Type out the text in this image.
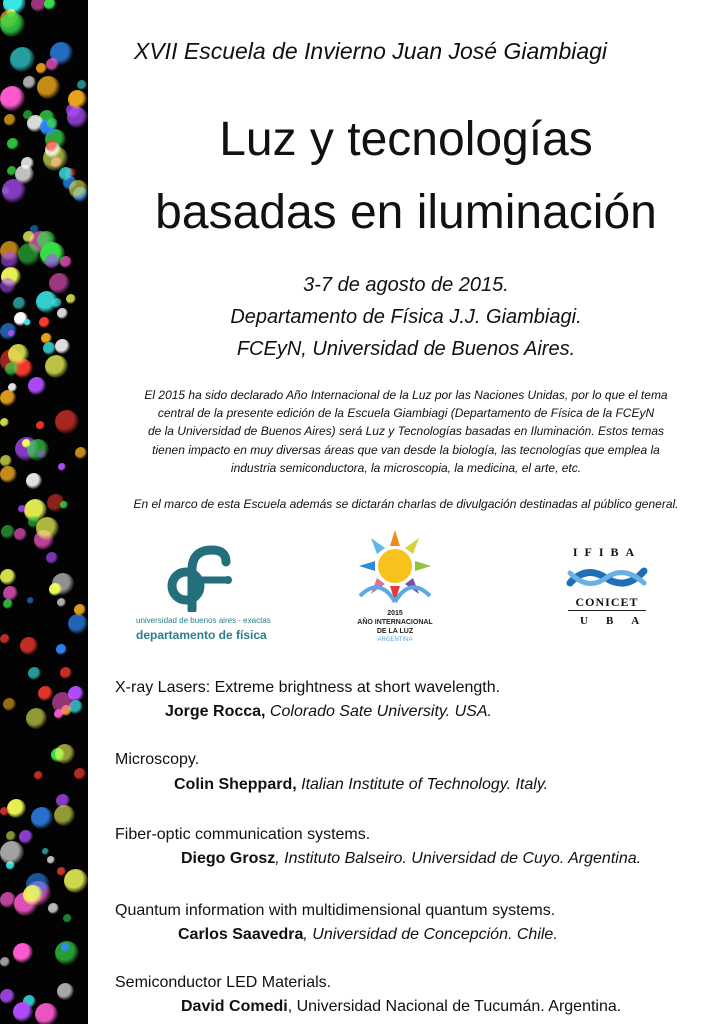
XVII Escuela de Invierno Juan José Giambiagi
Luz y tecnologías
basadas en iluminación
3-7 de agosto de 2015.
Departamento de Física J.J. Giambiagi.
FCEyN, Universidad de Buenos Aires.
El 2015 ha sido declarado Año Internacional de la Luz por las Naciones Unidas, por lo que el tema
central de la presente edición de la Escuela Giambiagi (Departamento de Física de la FCEyN
de la Universidad de Buenos Aires) será Luz y Tecnologías basadas en Iluminación. Estos temas
tienen impacto en muy diversas áreas que van desde la biología, las tecnologías que emplea la
industria semiconductora, la microscopia, la medicina, el arte, etc.
En el marco de esta Escuela además se dictarán charlas de divulgación destinadas al público general.
universidad de buenos aires - exactas
departamento de física
2015
AÑO INTERNACIONAL
DE LA LUZ
ARGENTINA
IFIBA
CONICET
UBA
X-ray Lasers: Extreme brightness at short wavelength.
Jorge Rocca, Colorado Sate University. USA.
Microscopy.
Colin Sheppard, Italian Institute of Technology. Italy.
Fiber-optic communication systems.
Diego Grosz, Instituto Balseiro. Universidad de Cuyo. Argentina.
Quantum information with multidimensional quantum systems.
Carlos Saavedra, Universidad de Concepción. Chile.
Semiconductor LED Materials.
David Comedi, Universidad Nacional de Tucumán. Argentina.
